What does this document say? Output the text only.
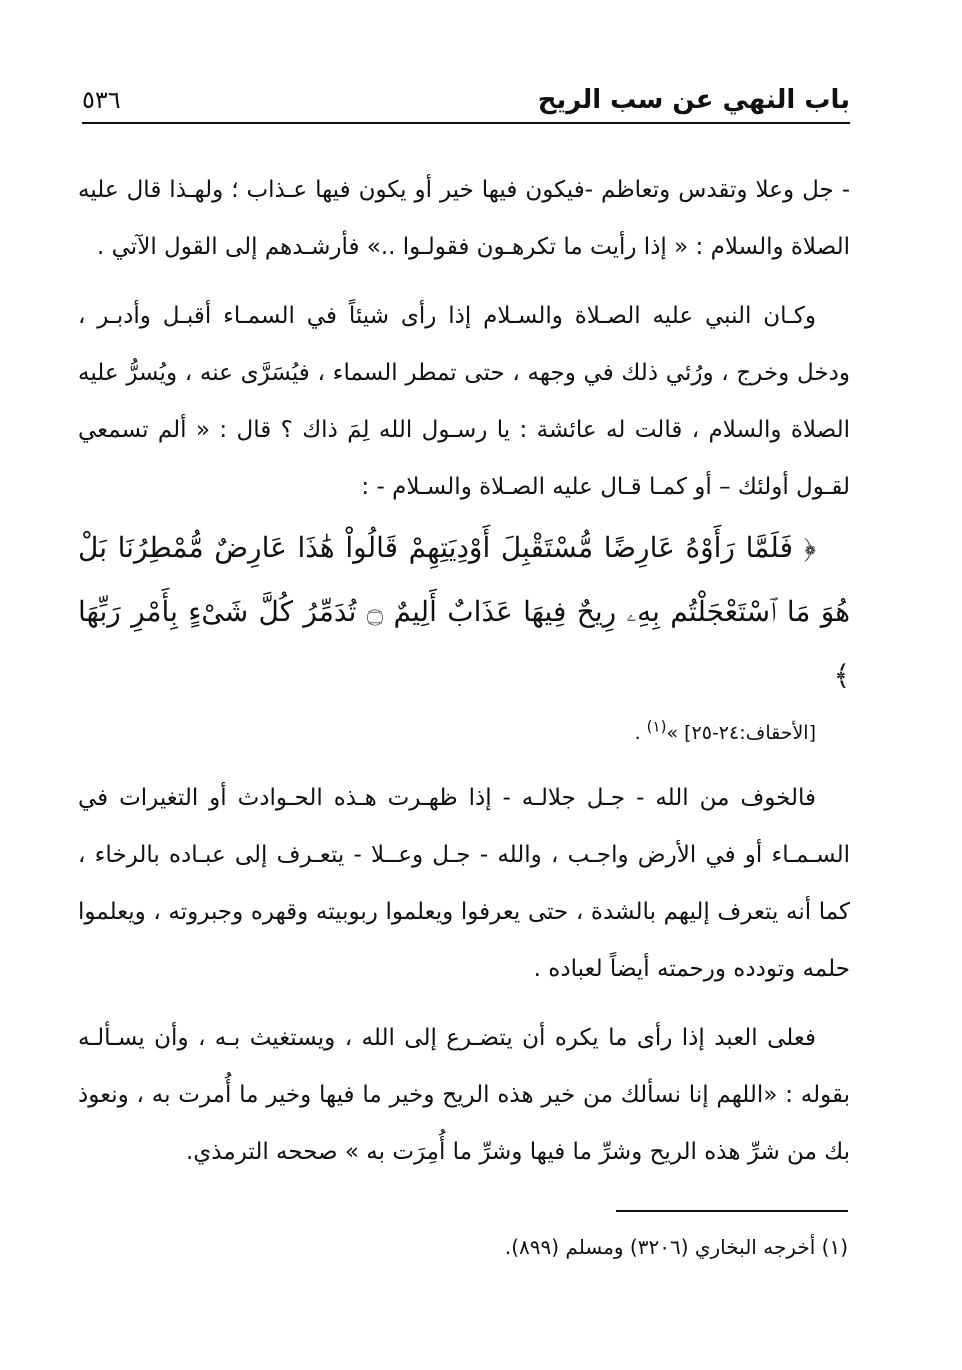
باب النهي عن سب الريح
٥٣٦

- جل وعلا وتقدس وتعاظم -فيكون فيها خير أو يكون فيها عـذاب ؛ ولهـذا قال عليه الصلاة والسلام : « إذا رأيت ما تكرهـون فقولـوا ..» فأرشـدهم إلى القول الآتي .

وكـان النبي عليه الصـلاة والسـلام إذا رأى شيئاً في السمـاء أقبـل وأدبـر ، ودخل وخرج ، ورُئي ذلك في وجهه ، حتى تمطر السماء ، فيُسَرَّى عنه ، ويُسرُّ عليه الصلاة والسلام ، قالت له عائشة : يا رسـول الله لِمَ ذاك ؟ قال : « ألم تسمعي لقـول أولئك – أو كمـا قـال عليه الصـلاة والسـلام - :
﴿ فَلَمَّا رَأَوْهُ عَارِضًا مُّسْتَقْبِلَ أَوْدِيَتِهِمْ قَالُواْ هَٰذَا عَارِضٌ مُّمْطِرُنَا بَلْ هُوَ مَا ٱسْتَعْجَلْتُم بِهِۦ رِيحٌ فِيهَا عَذَابٌ أَلِيمٌ ۝ تُدَمِّرُ كُلَّ شَىْءٍ بِأَمْرِ رَبِّهَا ﴾
[الأحقاف:٢٤-٢٥] »$^{(١)}$ .

فالخوف من الله - جـل جلالـه - إذا ظهـرت هـذه الحـوادث أو التغيرات في السـمـاء أو في الأرض واجـب ، والله - جـل وعــلا - يتعـرف إلى عبـاده بالرخاء ، كما أنه يتعرف إليهم بالشدة ، حتى يعرفوا ويعلموا ربوبيته وقهره وجبروته ، ويعلموا حلمه وتودده ورحمته أيضاً لعباده .

فعلى العبد إذا رأى ما يكره أن يتضـرع إلى الله ، ويستغيث بـه ، وأن يسـألـه بقوله : «اللهم إنا نسألك من خير هذه الريح وخير ما فيها وخير ما أُمرت به ، ونعوذ بك من شرِّ هذه الريح وشرِّ ما فيها وشرِّ ما أُمِرَت به » صححه الترمذي.

(١) أخرجه البخاري (٣٢٠٦) ومسلم (٨٩٩).
